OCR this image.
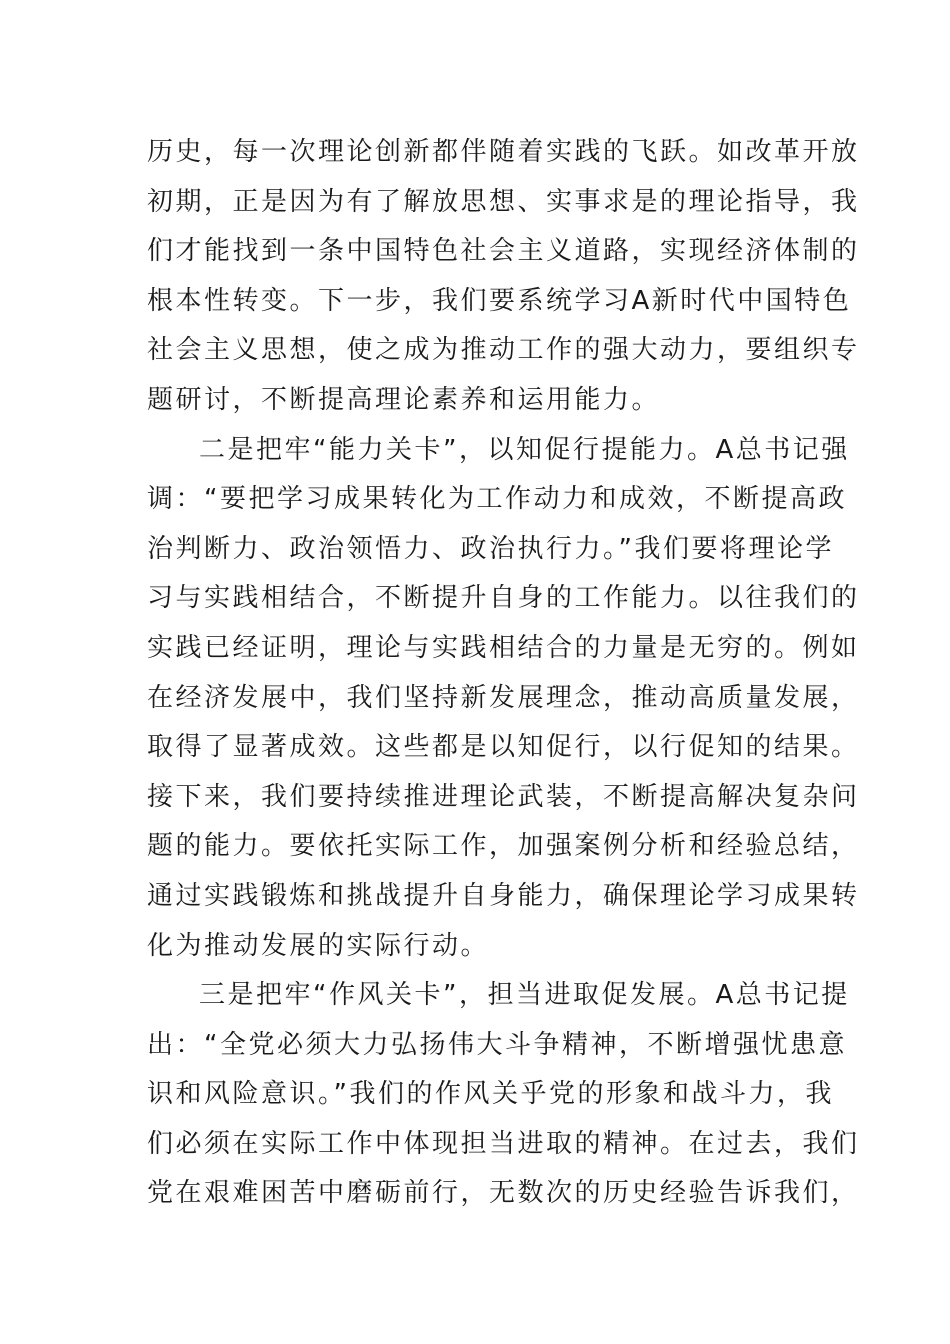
历史，每一次理论创新都伴随着实践的飞跃。如改革开放
初期，正是因为有了解放思想、实事求是的理论指导，我
们才能找到一条中国特色社会主义道路，实现经济体制的
根本性转变。下一步，我们要系统学习A新时代中国特色
社会主义思想，使之成为推动工作的强大动力，要组织专
题研讨，不断提高理论素养和运用能力。
二是把牢“能力关卡”，以知促行提能力。A总书记强
调：“要把学习成果转化为工作动力和成效，不断提高政
治判断力、政治领悟力、政治执行力。”我们要将理论学
习与实践相结合，不断提升自身的工作能力。以往我们的
实践已经证明，理论与实践相结合的力量是无穷的。例如
在经济发展中，我们坚持新发展理念，推动高质量发展，
取得了显著成效。这些都是以知促行，以行促知的结果。
接下来，我们要持续推进理论武装，不断提高解决复杂问
题的能力。要依托实际工作，加强案例分析和经验总结，
通过实践锻炼和挑战提升自身能力，确保理论学习成果转
化为推动发展的实际行动。
三是把牢“作风关卡”，担当进取促发展。A总书记提
出：“全党必须大力弘扬伟大斗争精神，不断增强忧患意
识和风险意识。”我们的作风关乎党的形象和战斗力，我
们必须在实际工作中体现担当进取的精神。在过去，我们
党在艰难困苦中磨砺前行，无数次的历史经验告诉我们，
